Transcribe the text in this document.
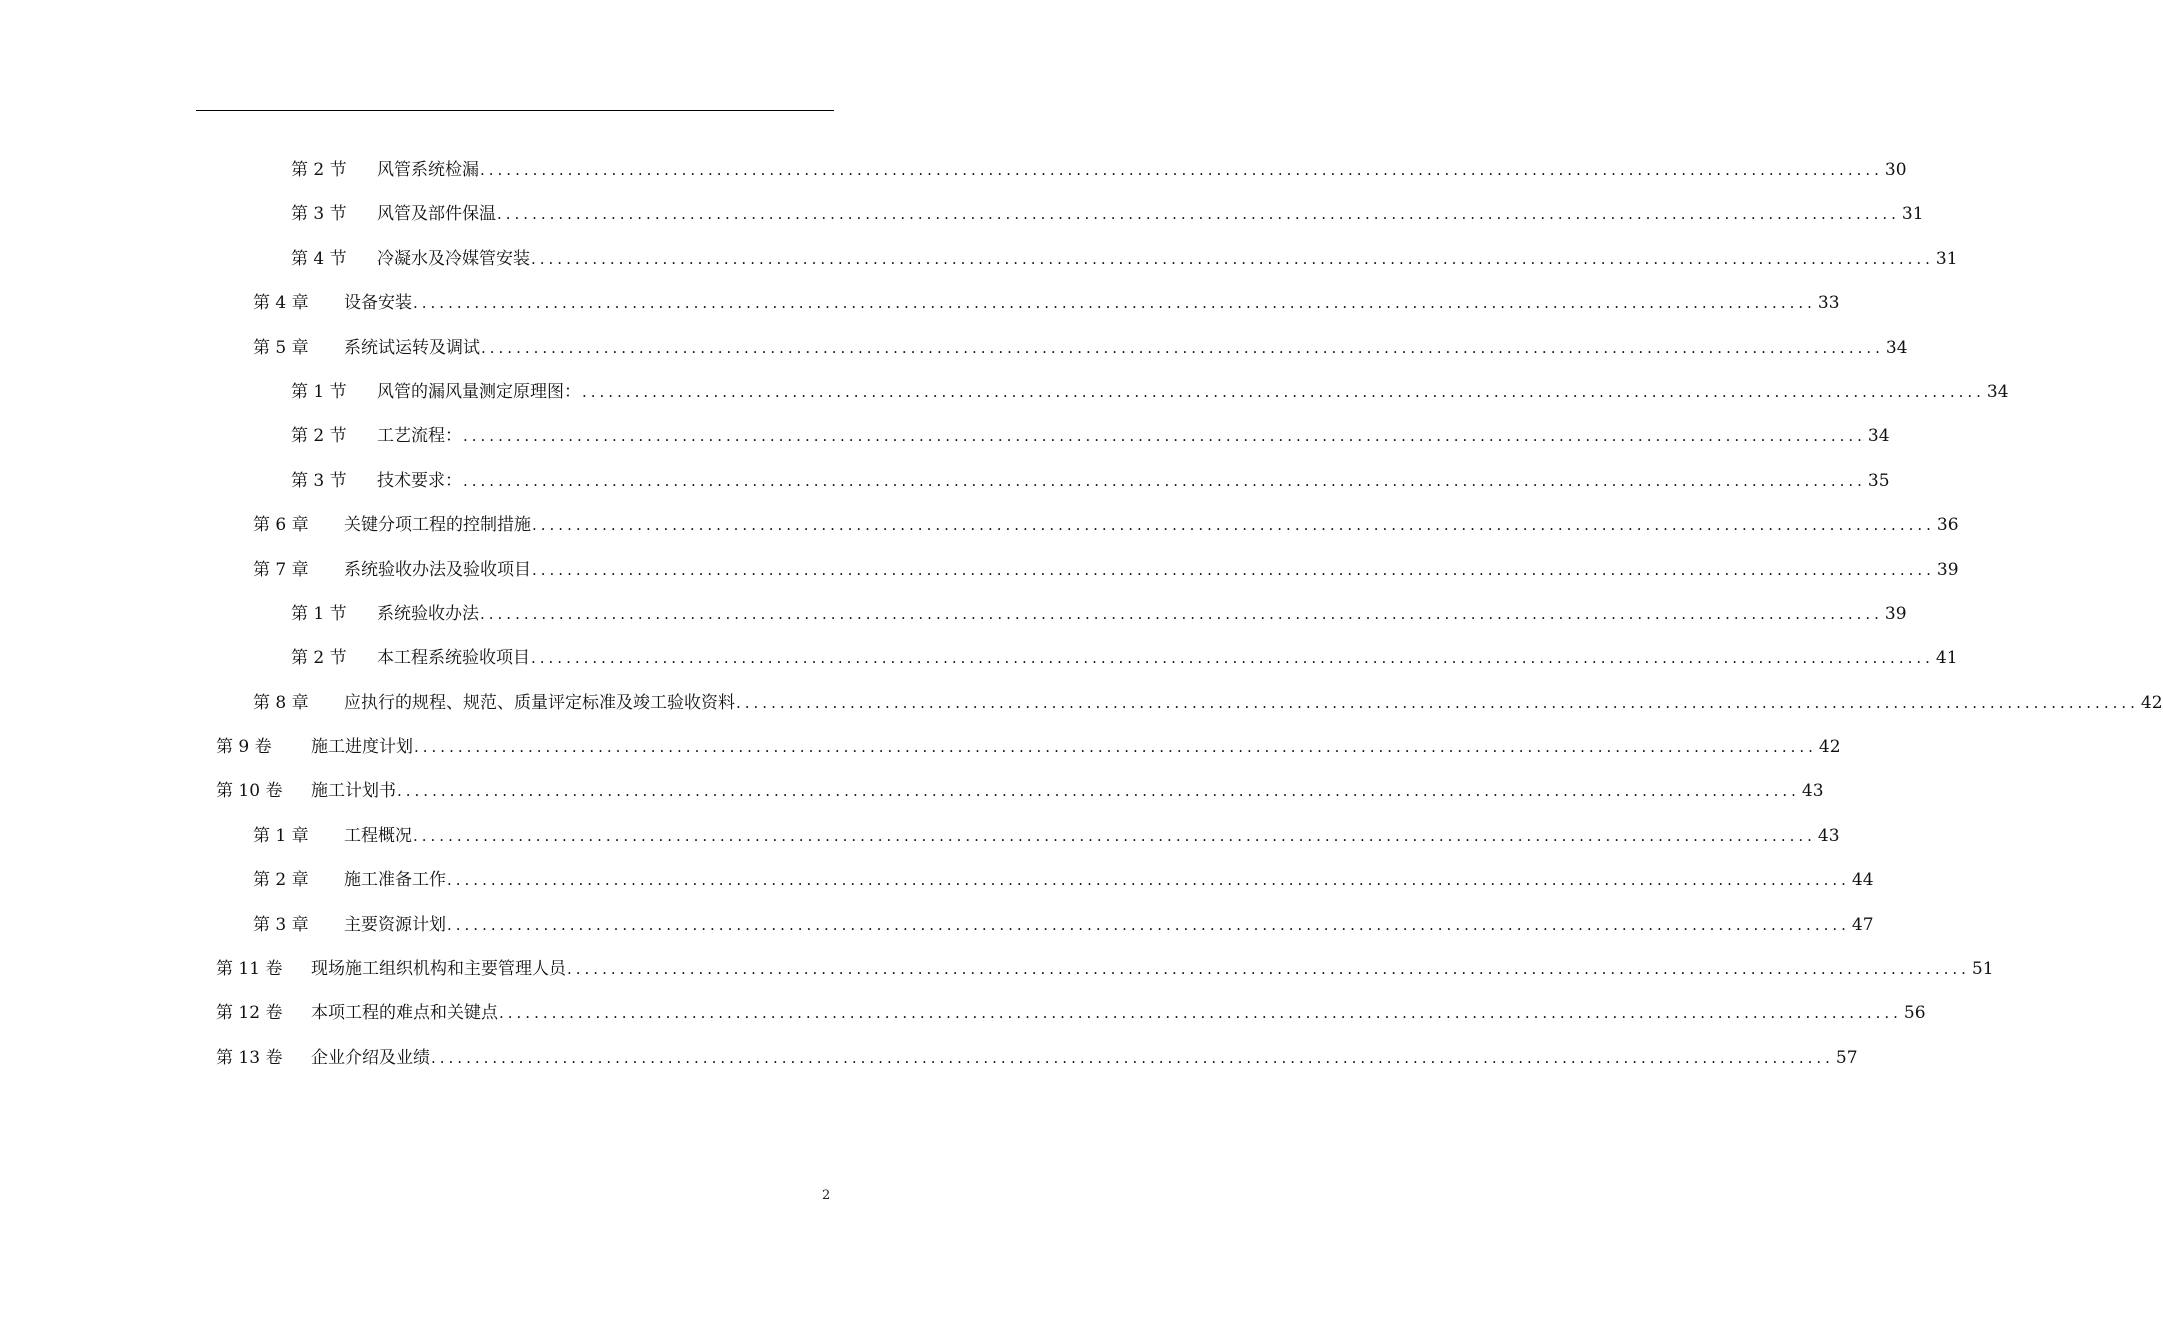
第 2 节	风管系统检漏 ................................................................................................................................................................ 30
第 3 节	风管及部件保温 ................................................................................................................................................................ 31
第 4 节	冷凝水及冷媒管安装 ................................................................................................................................................................ 31
第 4 章	设备安装 ................................................................................................................................................................ 33
第 5 章	系统试运转及调试 ................................................................................................................................................................ 34
第 1 节	风管的漏风量测定原理图： ................................................................................................................................................................ 34
第 2 节	工艺流程： ................................................................................................................................................................ 34
第 3 节	技术要求： ................................................................................................................................................................ 35
第 6 章	关键分项工程的控制措施 ................................................................................................................................................................ 36
第 7 章	系统验收办法及验收项目 ................................................................................................................................................................ 39
第 1 节	系统验收办法 ................................................................................................................................................................ 39
第 2 节	本工程系统验收项目 ................................................................................................................................................................ 41
第 8 章	应执行的规程、规范、质量评定标准及竣工验收资料 ................................................................................................................................................................ 42
第 9 卷	施工进度计划 ................................................................................................................................................................ 42
第 10 卷	施工计划书 ................................................................................................................................................................ 43
第 1 章	工程概况 ................................................................................................................................................................ 43
第 2 章	施工准备工作 ................................................................................................................................................................ 44
第 3 章	主要资源计划 ................................................................................................................................................................ 47
第 11 卷	现场施工组织机构和主要管理人员 ................................................................................................................................................................ 51
第 12 卷	本项工程的难点和关键点 ................................................................................................................................................................ 56
第 13 卷	企业介绍及业绩 ................................................................................................................................................................ 57
2
